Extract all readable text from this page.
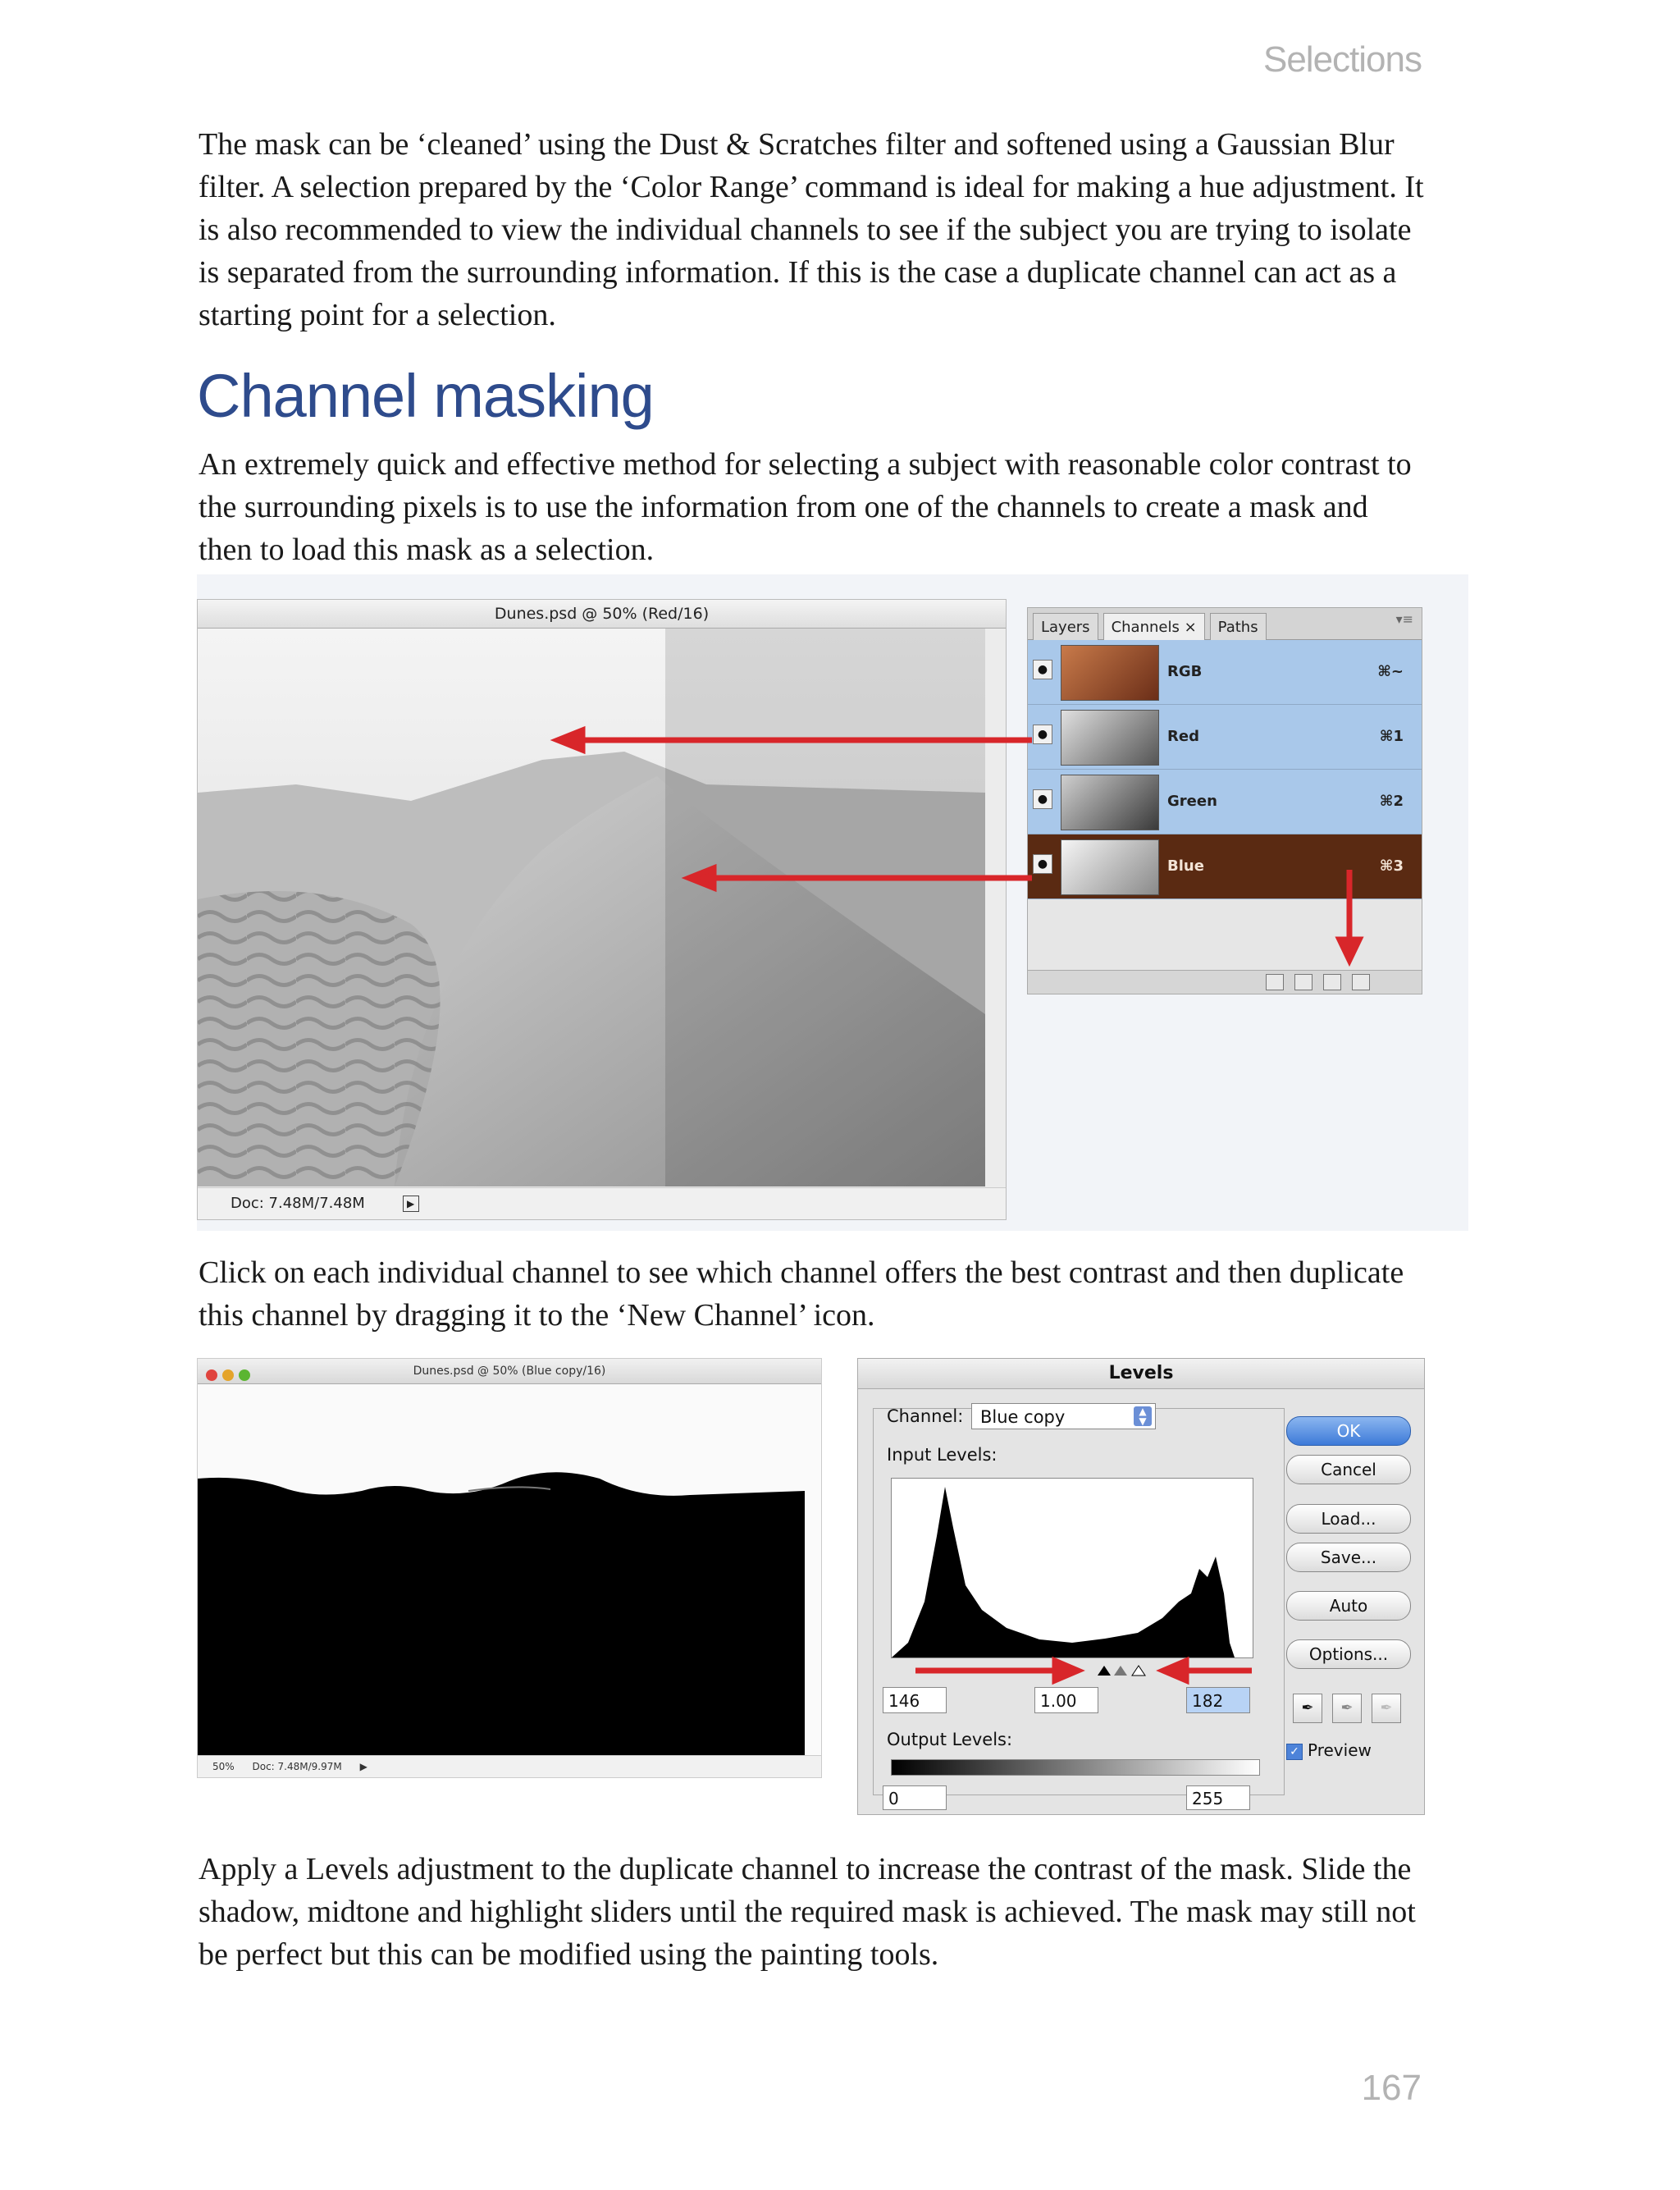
Selections

The mask can be ‘cleaned’ using the Dust & Scratches filter and softened using a Gaussian Blur filter. A selection prepared by the ‘Color Range’ command is ideal for making a hue adjustment. It is also recommended to view the individual channels to see if the subject you are trying to isolate is separated from the surrounding information. If this is the case a duplicate channel can act as a starting point for a selection.

Channel masking

An extremely quick and effective method for selecting a subject with reasonable color contrast to the surrounding pixels is to use the information from one of the channels to create a mask and then to load this mask as a selection.

Dunes.psd @ 50% (Red/16)
Doc: 7.48M/7.48M	▶
Layers Channels × Paths	▾≡
●	RGB	⌘~
●	Red	⌘1
●	Green	⌘2
●	Blue	⌘3

Click on each individual channel to see which channel offers the best contrast and then duplicate this channel by dragging it to the ‘New Channel’ icon.

Dunes.psd @ 50% (Blue copy/16)
50% Doc: 7.48M/9.97M ▶
Levels
Channel: Blue copy	▲
▼
Input Levels:
146	1.00	182
Output Levels:
0	255
OK
Cancel
Load...
Save...
Auto
Options...
✒	✒	✒
✓ Preview

Apply a Levels adjustment to the duplicate channel to increase the contrast of the mask. Slide the shadow, midtone and highlight sliders until the required mask is achieved. The mask may still not be perfect but this can be modified using the painting tools.

167
